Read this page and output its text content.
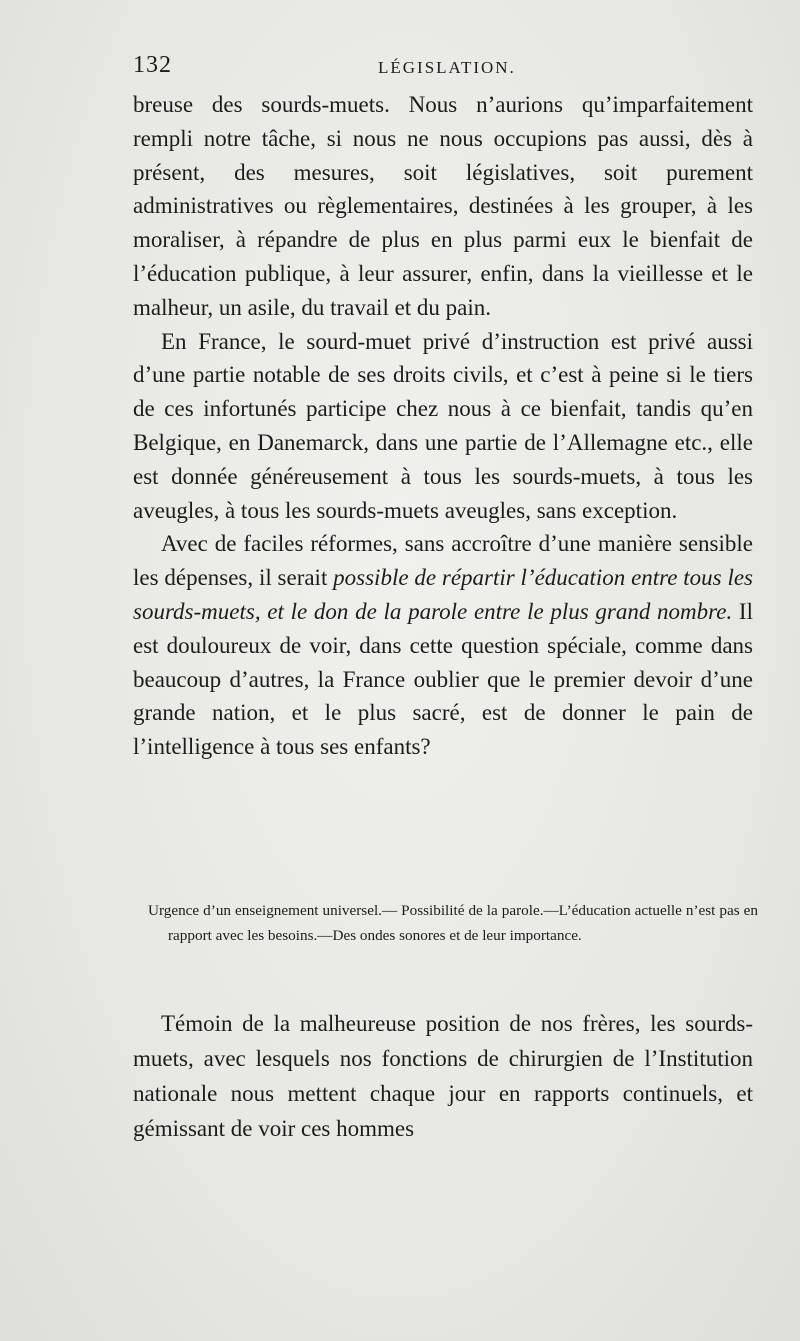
132	LÉGISLATION.

breuse des sourds-muets. Nous n’aurions qu’imparfaitement rempli notre tâche, si nous ne nous occupions pas aussi, dès à présent, des mesures, soit législatives, soit purement administratives ou règlementaires, destinées à les grouper, à les moraliser, à répandre de plus en plus parmi eux le bienfait de l’éducation publique, à leur assurer, enfin, dans la vieillesse et le malheur, un asile, du travail et du pain.

En France, le sourd-muet privé d’instruction est privé aussi d’une partie notable de ses droits civils, et c’est à peine si le tiers de ces infortunés participe chez nous à ce bienfait, tandis qu’en Belgique, en Danemarck, dans une partie de l’Allemagne etc., elle est donnée généreusement à tous les sourds-muets, à tous les aveugles, à tous les sourds-muets aveugles, sans exception.

Avec de faciles réformes, sans accroître d’une manière sensible les dépenses, il serait possible de répartir l’éducation entre tous les sourds-muets, et le don de la parole entre le plus grand nombre. Il est douloureux de voir, dans cette question spéciale, comme dans beaucoup d’autres, la France oublier que le premier devoir d’une grande nation, et le plus sacré, est de donner le pain de l’intelligence à tous ses enfants?

Urgence d’un enseignement universel.— Possibilité de la parole.—L’éducation actuelle n’est pas en rapport avec les besoins.—Des ondes sonores et de leur importance.

Témoin de la malheureuse position de nos frères, les sourds-muets, avec lesquels nos fonctions de chirurgien de l’Institution nationale nous mettent chaque jour en rapports continuels, et gémissant de voir ces hommes
